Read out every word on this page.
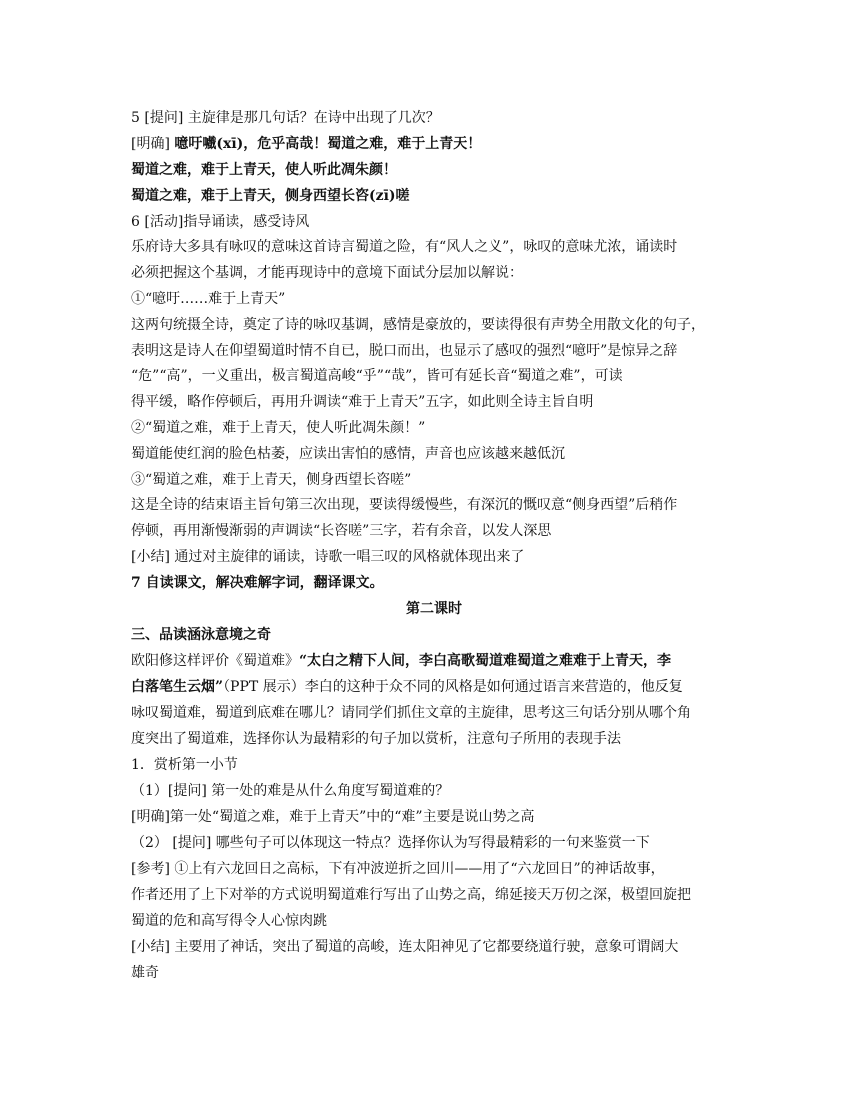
5 [提问] 主旋律是那几句话？在诗中出现了几次？
[明确] 噫吁嚱(xī)，危乎高哉！蜀道之难，难于上青天！
蜀道之难，难于上青天，使人听此凋朱颜！
蜀道之难，难于上青天，侧身西望长咨(zī)嗟
6 [活动]指导诵读，感受诗风
乐府诗大多具有咏叹的意味这首诗言蜀道之险，有“风人之义”，咏叹的意味尤浓，诵读时
必须把握这个基调，才能再现诗中的意境下面试分层加以解说：
①“噫吁……难于上青天”
这两句统摄全诗，奠定了诗的咏叹基调，感情是豪放的，要读得很有声势全用散文化的句子，
表明这是诗人在仰望蜀道时情不自已，脱口而出，也显示了感叹的强烈“噫吁”是惊异之辞
“危”“高”，一义重出，极言蜀道高峻“乎”“哉”，皆可有延长音“蜀道之难”，可读
得平缓，略作停顿后，再用升调读“难于上青天”五字，如此则全诗主旨自明
②“蜀道之难，难于上青天，使人听此凋朱颜！”
蜀道能使红润的脸色枯萎，应读出害怕的感情，声音也应该越来越低沉
③“蜀道之难，难于上青天，侧身西望长咨嗟”
这是全诗的结束语主旨句第三次出现，要读得缓慢些，有深沉的慨叹意“侧身西望”后稍作
停顿，再用渐慢渐弱的声调读“长咨嗟”三字，若有余音，以发人深思
[小结] 通过对主旋律的诵读，诗歌一唱三叹的风格就体现出来了
7 自读课文，解决难解字词，翻译课文。
第二课时
三、品读涵泳意境之奇
欧阳修这样评价《蜀道难》“太白之精下人间，李白高歌蜀道难蜀道之难难于上青天，李
白落笔生云烟”（PPT 展示）李白的这种于众不同的风格是如何通过语言来营造的，他反复
咏叹蜀道难，蜀道到底难在哪儿？请同学们抓住文章的主旋律，思考这三句话分别从哪个角
度突出了蜀道难，选择你认为最精彩的句子加以赏析，注意句子所用的表现手法
1．赏析第一小节
（1）[提问] 第一处的难是从什么角度写蜀道难的？
[明确]第一处“蜀道之难，难于上青天”中的“难”主要是说山势之高
（2） [提问] 哪些句子可以体现这一特点？选择你认为写得最精彩的一句来鉴赏一下
[参考] ①上有六龙回日之高标，下有冲波逆折之回川——用了“六龙回日”的神话故事，
作者还用了上下对举的方式说明蜀道难行写出了山势之高，绵延接天万仞之深，极望回旋把
蜀道的危和高写得令人心惊肉跳
[小结] 主要用了神话，突出了蜀道的高峻，连太阳神见了它都要绕道行驶，意象可谓阔大
雄奇
